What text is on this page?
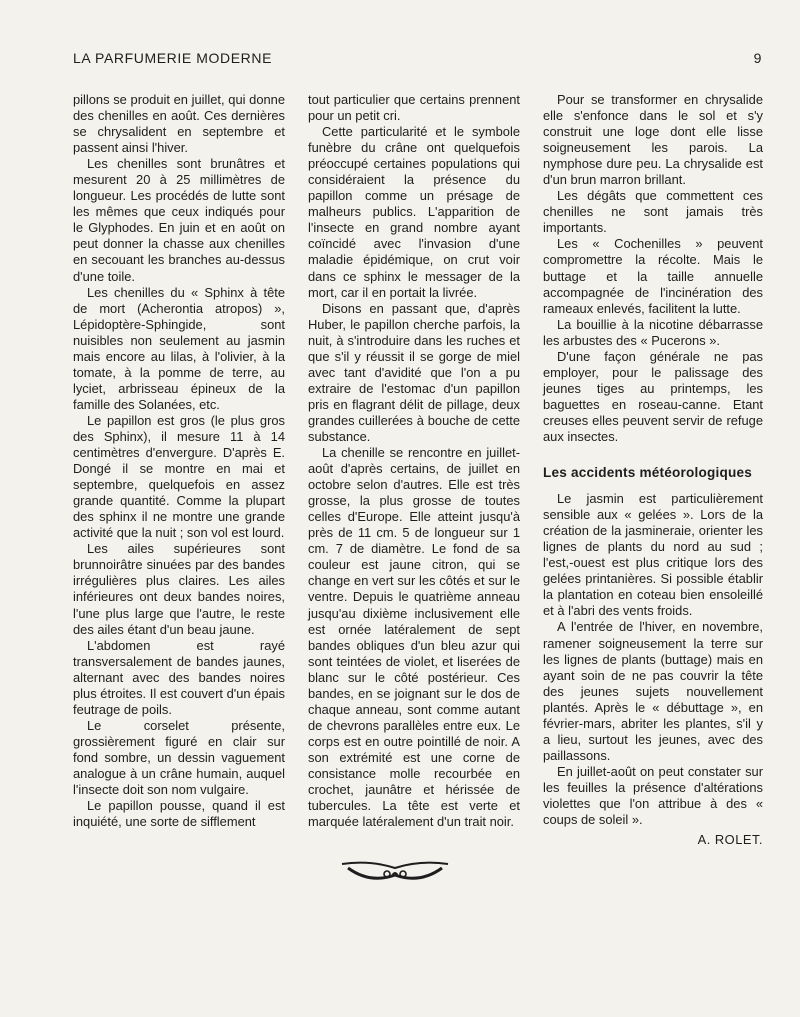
LA PARFUMERIE MODERNE	9

pillons se produit en juillet, qui donne des chenilles en août. Ces dernières se chrysalident en septembre et passent ainsi l'hiver.

Les chenilles sont brunâtres et mesurent 20 à 25 millimètres de longueur. Les procédés de lutte sont les mêmes que ceux indiqués pour le Glyphodes. En juin et en août on peut donner la chasse aux chenilles en secouant les branches au-dessus d'une toile.

Les chenilles du « Sphinx à tête de mort (Acherontia atropos) », Lépidoptère-Sphingide, sont nuisibles non seulement au jasmin mais encore au lilas, à l'olivier, à la tomate, à la pomme de terre, au lyciet, arbrisseau épineux de la famille des Solanées, etc.

Le papillon est gros (le plus gros des Sphinx), il mesure 11 à 14 centimètres d'envergure. D'après E. Dongé il se montre en mai et septembre, quelquefois en assez grande quantité. Comme la plupart des sphinx il ne montre une grande activité que la nuit ; son vol est lourd.

Les ailes supérieures sont brunnoirâtre sinuées par des bandes irrégulières plus claires. Les ailes inférieures ont deux bandes noires, l'une plus large que l'autre, le reste des ailes étant d'un beau jaune.

L'abdomen est rayé transversalement de bandes jaunes, alternant avec des bandes noires plus étroites. Il est couvert d'un épais feutrage de poils.

Le corselet présente, grossièrement figuré en clair sur fond sombre, un dessin vaguement analogue à un crâne humain, auquel l'insecte doit son nom vulgaire.

Le papillon pousse, quand il est inquiété, une sorte de sifflement

tout particulier que certains prennent pour un petit cri.

Cette particularité et le symbole funèbre du crâne ont quelquefois préoccupé certaines populations qui considéraient la présence du papillon comme un présage de malheurs publics. L'apparition de l'insecte en grand nombre ayant coïncidé avec l'invasion d'une maladie épidémique, on crut voir dans ce sphinx le messager de la mort, car il en portait la livrée.

Disons en passant que, d'après Huber, le papillon cherche parfois, la nuit, à s'introduire dans les ruches et que s'il y réussit il se gorge de miel avec tant d'avidité que l'on a pu extraire de l'estomac d'un papillon pris en flagrant délit de pillage, deux grandes cuillerées à bouche de cette substance.

La chenille se rencontre en juillet-août d'après certains, de juillet en octobre selon d'autres. Elle est très grosse, la plus grosse de toutes celles d'Europe. Elle atteint jusqu'à près de 11 cm. 5 de longueur sur 1 cm. 7 de diamètre. Le fond de sa couleur est jaune citron, qui se change en vert sur les côtés et sur le ventre. Depuis le quatrième anneau jusqu'au dixième inclusivement elle est ornée latéralement de sept bandes obliques d'un bleu azur qui sont teintées de violet, et liserées de blanc sur le côté postérieur. Ces bandes, en se joignant sur le dos de chaque anneau, sont comme autant de chevrons parallèles entre eux. Le corps est en outre pointillé de noir. A son extrémité est une corne de consistance molle recourbée en crochet, jaunâtre et hérissée de tubercules. La tête est verte et marquée latéralement d'un trait noir.

Pour se transformer en chrysalide elle s'enfonce dans le sol et s'y construit une loge dont elle lisse soigneusement les parois. La nymphose dure peu. La chrysalide est d'un brun marron brillant.

Les dégâts que commettent ces chenilles ne sont jamais très importants.

Les « Cochenilles » peuvent compromettre la récolte. Mais le buttage et la taille annuelle accompagnée de l'incinération des rameaux enlevés, facilitent la lutte.

La bouillie à la nicotine débarrasse les arbustes des « Pucerons ».

D'une façon générale ne pas employer, pour le palissage des jeunes tiges au printemps, les baguettes en roseau-canne. Etant creuses elles peuvent servir de refuge aux insectes.

Les accidents météorologiques

Le jasmin est particulièrement sensible aux « gelées ». Lors de la création de la jasmineraie, orienter les lignes de plants du nord au sud ; l'est,-ouest est plus critique lors des gelées printanières. Si possible établir la plantation en coteau bien ensoleillé et à l'abri des vents froids.

A l'entrée de l'hiver, en novembre, ramener soigneusement la terre sur les lignes de plants (buttage) mais en ayant soin de ne pas couvrir la tête des jeunes sujets nouvellement plantés. Après le « débuttage », en février-mars, abriter les plantes, s'il y a lieu, surtout les jeunes, avec des paillassons.

En juillet-août on peut constater sur les feuilles la présence d'altérations violettes que l'on attribue à des « coups de soleil ».

A. ROLET.
